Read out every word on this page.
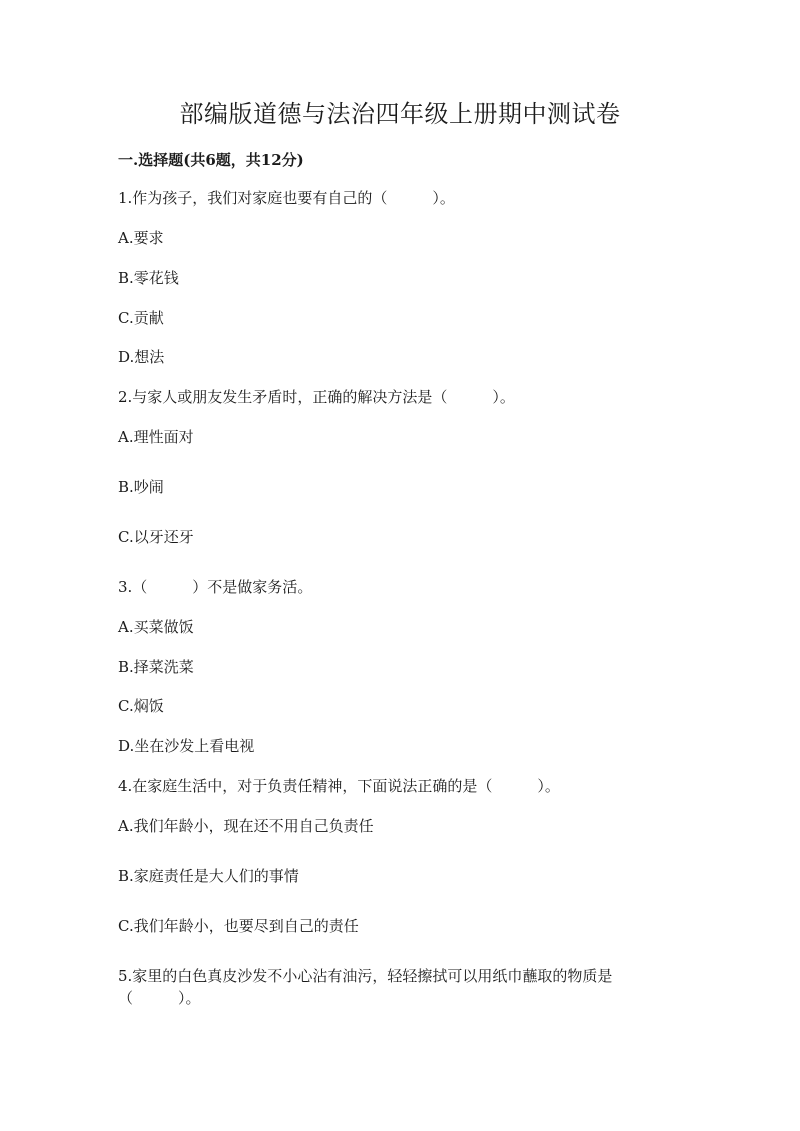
部编版道德与法治四年级上册期中测试卷
一.选择题(共6题，共12分)
1.作为孩子，我们对家庭也要有自己的（　　　）。
A.要求
B.零花钱
C.贡献
D.想法
2.与家人或朋友发生矛盾时，正确的解决方法是（　　　）。
A.理性面对
B.吵闹
C.以牙还牙
3.（　　　）不是做家务活。
A.买菜做饭
B.择菜洗菜
C.焖饭
D.坐在沙发上看电视
4.在家庭生活中，对于负责任精神，下面说法正确的是（　　　）。
A.我们年龄小，现在还不用自己负责任
B.家庭责任是大人们的事情
C.我们年龄小，也要尽到自己的责任
5.家里的白色真皮沙发不小心沾有油污，轻轻擦拭可以用纸巾蘸取的物质是
（　　　）。
